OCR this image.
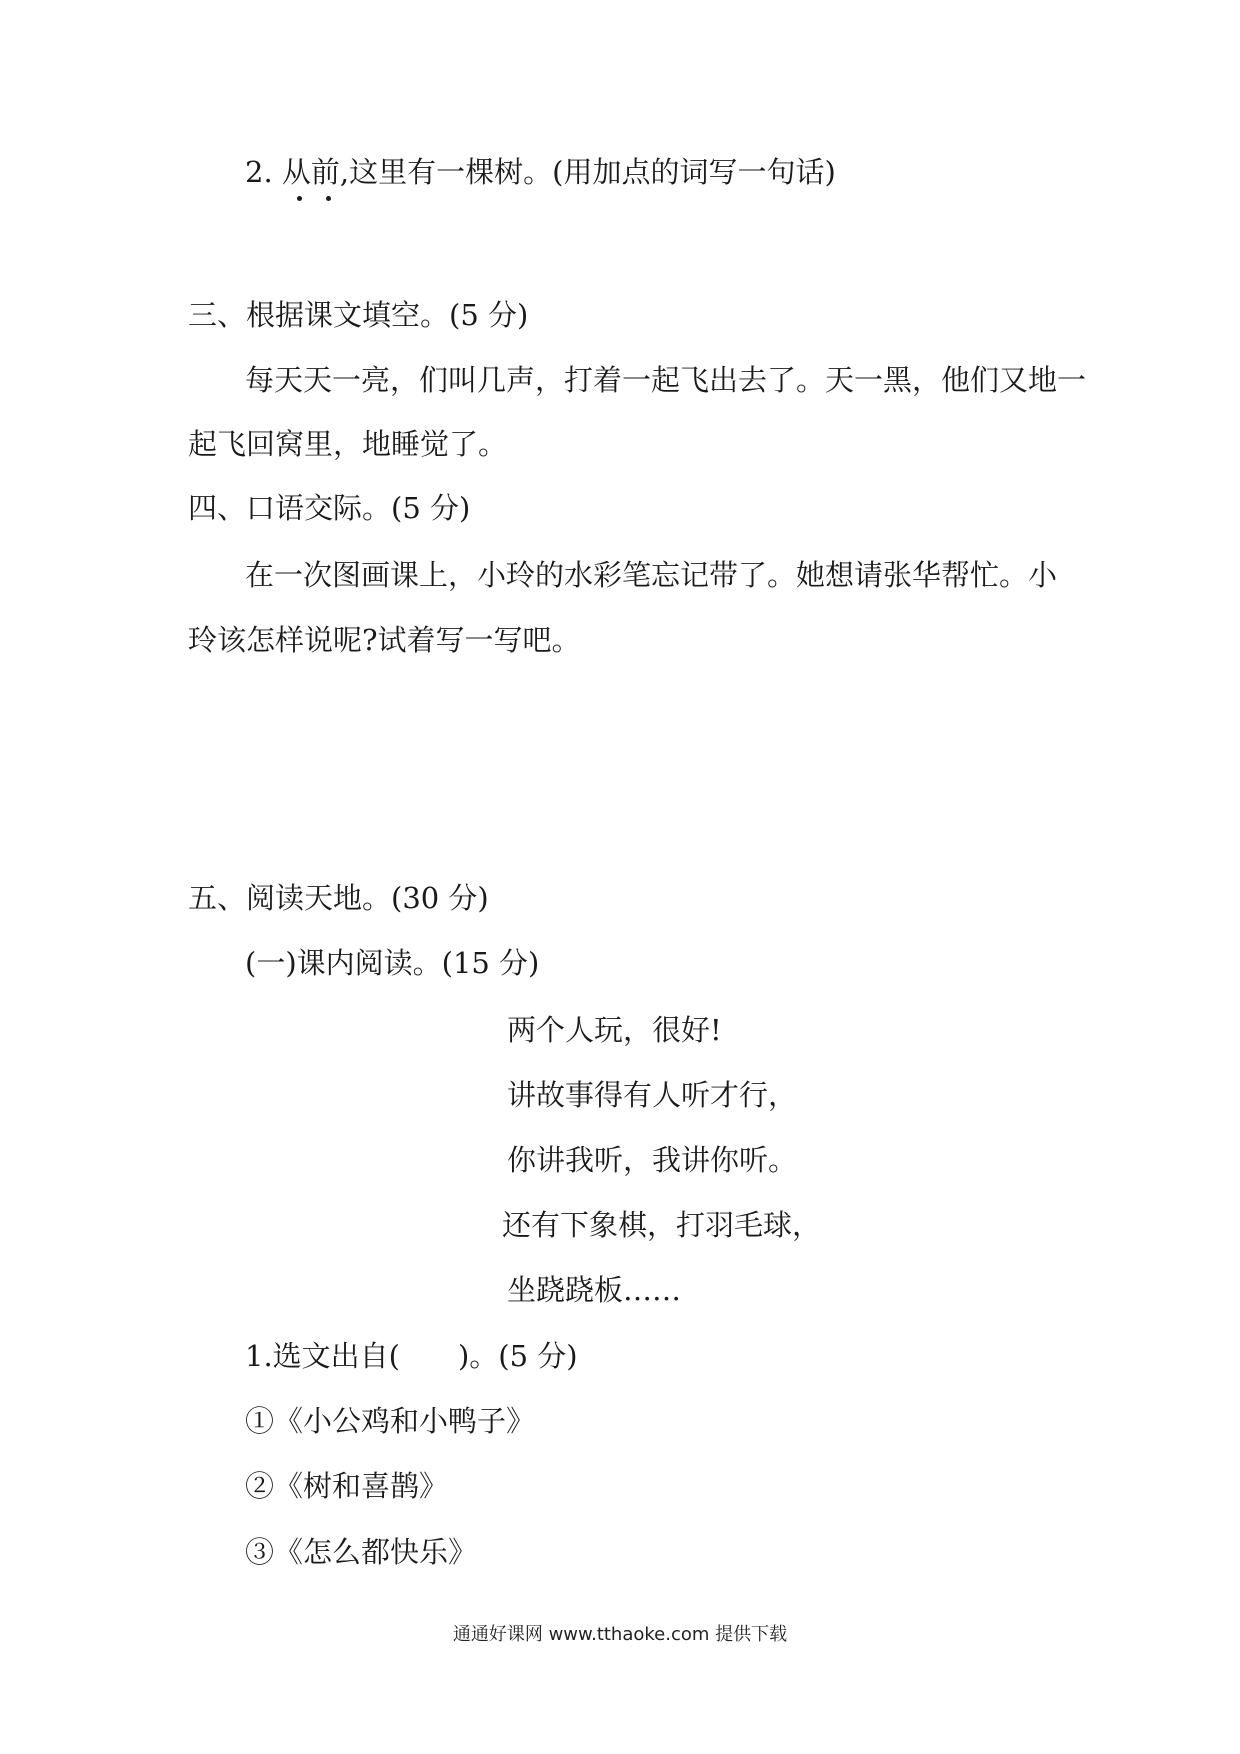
2. 从前,这里有一棵树。(用加点的词写一句话)
三、根据课文填空。(5 分)
每天天一亮，们叫几声，打着一起飞出去了。天一黑，他们又地一
起飞回窝里，地睡觉了。
四、口语交际。(5 分)
在一次图画课上，小玲的水彩笔忘记带了。她想请张华帮忙。小
玲该怎样说呢?试着写一写吧。
五、阅读天地。(30 分)
(一)课内阅读。(15 分)
两个人玩，很好!
讲故事得有人听才行，
你讲我听，我讲你听。
还有下象棋，打羽毛球，
坐跷跷板……
1.选文出自( )。(5 分)
①《小公鸡和小鸭子》
②《树和喜鹊》
③《怎么都快乐》
通通好课网 www.tthaoke.com 提供下载
